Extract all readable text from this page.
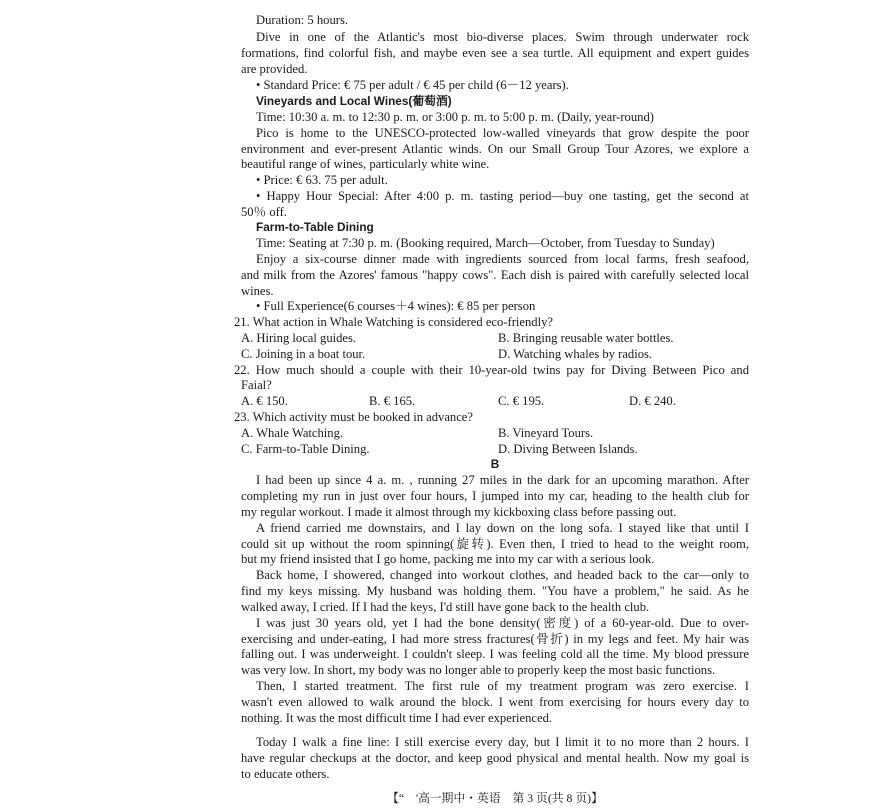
Duration: 5 hours.
Dive in one of the Atlantic's most bio-diverse places. Swim through underwater rock
formations, find colorful fish, and maybe even see a sea turtle. All equipment and expert guides
are provided.
• Standard Price: € 75 per adult / € 45 per child (6－12 years).
Vineyards and Local Wines(葡萄酒)
Time: 10:30 a. m. to 12:30 p. m. or 3:00 p. m. to 5:00 p. m. (Daily, year-round)
Pico is home to the UNESCO-protected low-walled vineyards that grow despite the poor
environment and ever-present Atlantic winds. On our Small Group Tour Azores, we explore a
beautiful range of wines, particularly white wine.
• Price: € 63. 75 per adult.
• Happy Hour Special: After 4:00 p. m. tasting period—buy one tasting, get the second at
50％ off.
Farm-to-Table Dining
Time: Seating at 7:30 p. m. (Booking required, March—October, from Tuesday to Sunday)
Enjoy a six-course dinner made with ingredients sourced from local farms, fresh seafood,
and milk from the Azores' famous "happy cows". Each dish is paired with carefully selected local
wines.
• Full Experience(6 courses＋4 wines): € 85 per person
21. What action in Whale Watching is considered eco-friendly?
A. Hiring local guides.	B. Bringing reusable water bottles.
C. Joining in a boat tour.	D. Watching whales by radios.
22. How much should a couple with their 10-year-old twins pay for Diving Between Pico and
Faial?
A. € 150.	B. € 165.	C. € 195.	D. € 240.
23. Which activity must be booked in advance?
A. Whale Watching.	B. Vineyard Tours.
C. Farm-to-Table Dining.	D. Diving Between Islands.
B
I had been up since 4 a. m. , running 27 miles in the dark for an upcoming marathon. After
completing my run in just over four hours, I jumped into my car, heading to the health club for
my regular workout. I made it almost through my kickboxing class before passing out.
A friend carried me downstairs, and I lay down on the long sofa. I stayed like that until I
could sit up without the room spinning(旋转). Even then, I tried to head to the weight room,
but my friend insisted that I go home, packing me into my car with a serious look.
Back home, I showered, changed into workout clothes, and headed back to the car—only to
find my keys missing. My husband was holding them. "You have a problem," he said. As he
walked away, I cried. If I had the keys, I'd still have gone back to the health club.
I was just 30 years old, yet I had the bone density(密度) of a 60-year-old. Due to over-
exercising and under-eating, I had more stress fractures(骨折) in my legs and feet. My hair was
falling out. I was underweight. I couldn't sleep. I was feeling cold all the time. My blood pressure
was very low. In short, my body was no longer able to properly keep the most basic functions.
Then, I started treatment. The first rule of my treatment program was zero exercise. I
wasn't even allowed to walk around the block. I went from exercising for hours every day to
nothing. It was the most difficult time I had ever experienced.
Today I walk a fine line: I still exercise every day, but I limit it to no more than 2 hours. I
have regular checkups at the doctor, and keep good physical and mental health. Now my goal is
to educate others.
【“　'高一期中・英语　第 3 页(共 8 页)】
